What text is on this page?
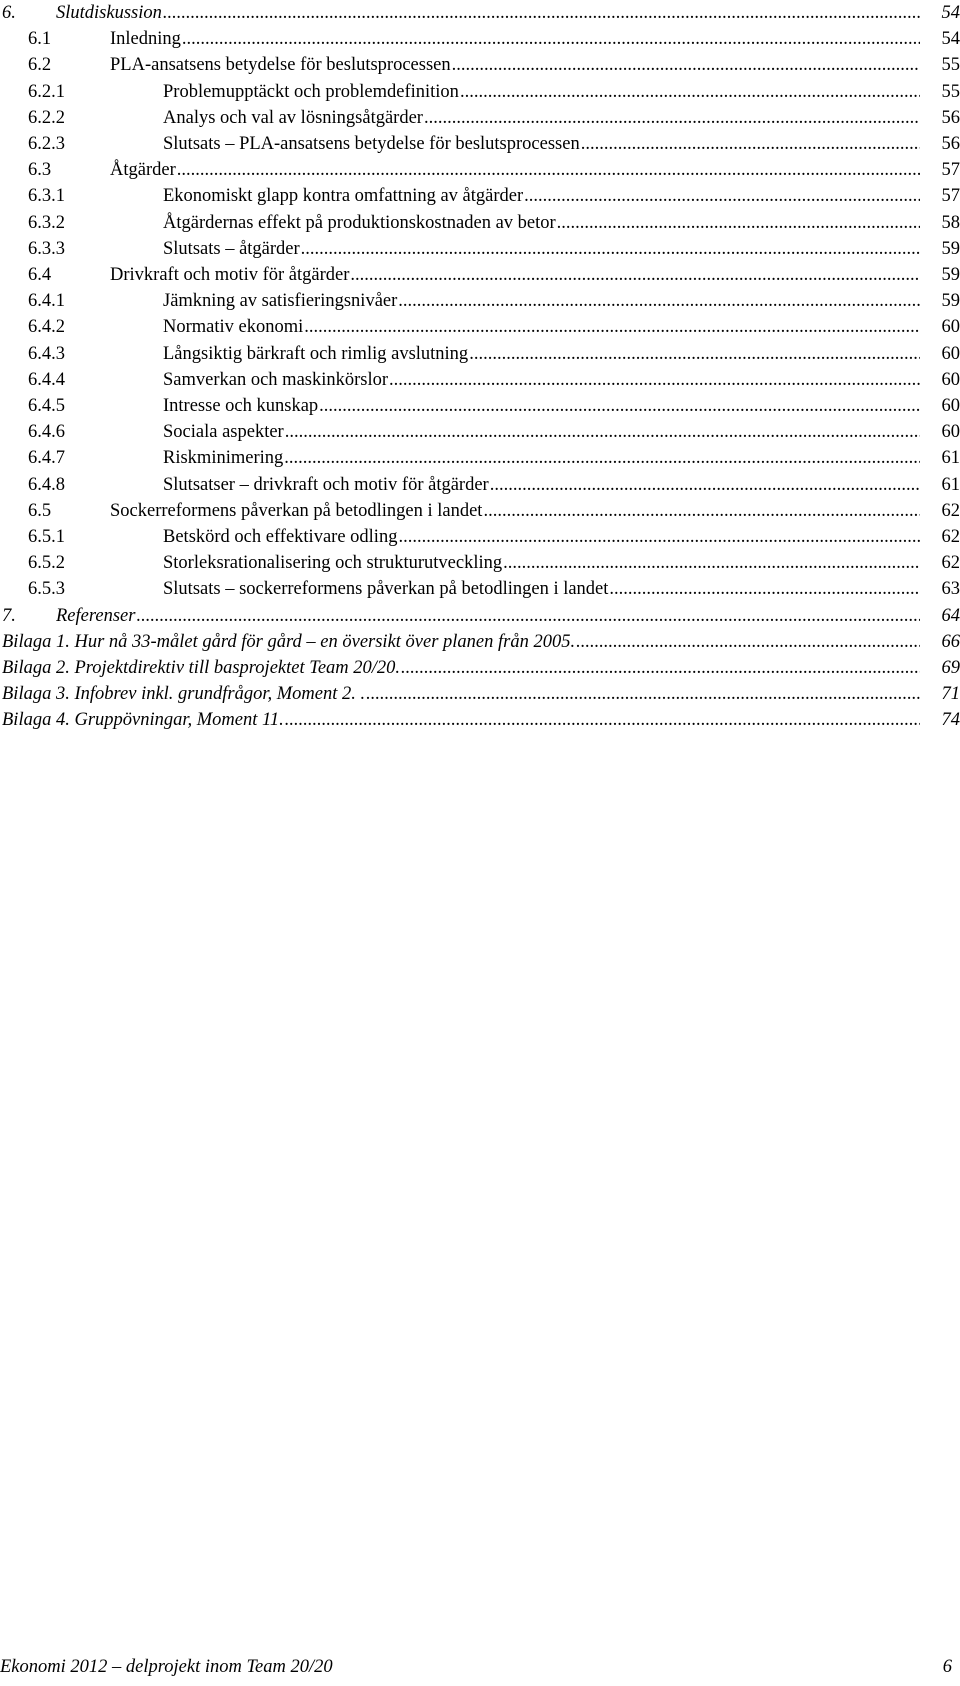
6. Slutdiskussion .....	54
6.1	Inledning .....	54
6.2	PLA-ansatsens betydelse för beslutsprocessen .....	55
6.2.1	Problemupptäckt och problemdefinition .....	55
6.2.2	Analys och val av lösningsåtgärder .....	56
6.2.3	Slutsats – PLA-ansatsens betydelse för beslutsprocessen .....	56
6.3	Åtgärder .....	57
6.3.1	Ekonomiskt glapp kontra omfattning av åtgärder .....	57
6.3.2	Åtgärdernas effekt på produktionskostnaden av betor .....	58
6.3.3	Slutsats – åtgärder .....	59
6.4	Drivkraft och motiv för åtgärder .....	59
6.4.1	Jämkning av satisfieringsnivåer .....	59
6.4.2	Normativ ekonomi .....	60
6.4.3	Långsiktig bärkraft och rimlig avslutning .....	60
6.4.4	Samverkan och maskinkörslor .....	60
6.4.5	Intresse och kunskap .....	60
6.4.6	Sociala aspekter .....	60
6.4.7	Riskminimering .....	61
6.4.8	Slutsatser – drivkraft och motiv för åtgärder .....	61
6.5	Sockerreformens påverkan på betodlingen i landet .....	62
6.5.1	Betskörd och effektivare odling .....	62
6.5.2	Storleksrationalisering och strukturutveckling .....	62
6.5.3	Slutsats – sockerreformens påverkan på betodlingen i landet .....	63
7. Referenser .....	64
Bilaga 1. Hur nå 33-målet gård för gård – en översikt över planen från 2005. .....	66
Bilaga 2. Projektdirektiv till basprojektet Team 20/20. .....	69
Bilaga 3. Infobrev inkl. grundfrågor, Moment 2. . .....	71
Bilaga 4. Gruppövningar, Moment 11. .....	74
Ekonomi 2012 – delprojekt inom Team 20/20	6
